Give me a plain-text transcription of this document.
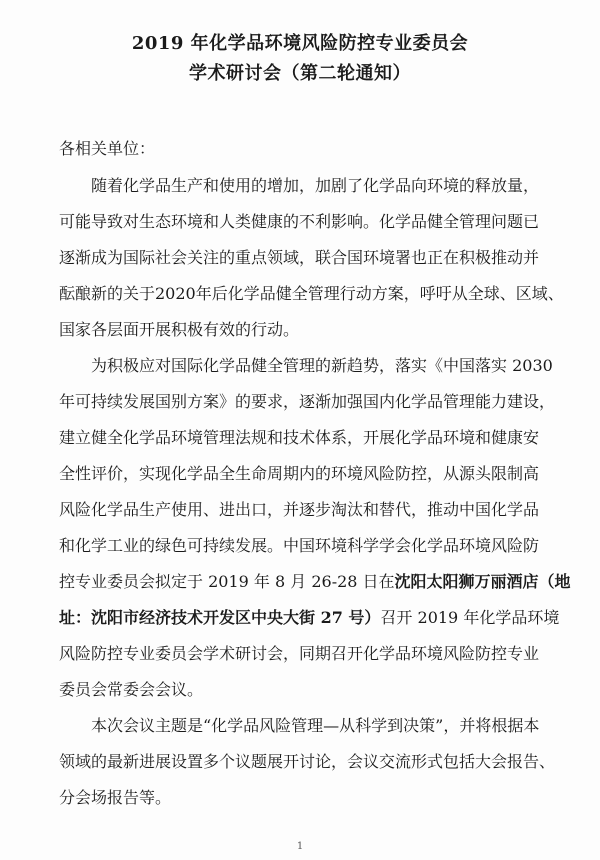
2019 年化学品环境风险防控专业委员会
学术研讨会（第二轮通知）
各相关单位：
随着化学品生产和使用的增加，加剧了化学品向环境的释放量，
可能导致对生态环境和人类健康的不利影响。化学品健全管理问题已
逐渐成为国际社会关注的重点领域，联合国环境署也正在积极推动并
酝酿新的关于2020年后化学品健全管理行动方案，呼吁从全球、区域、
国家各层面开展积极有效的行动。
为积极应对国际化学品健全管理的新趋势，落实《中国落实 2030
年可持续发展国别方案》的要求，逐渐加强国内化学品管理能力建设，
建立健全化学品环境管理法规和技术体系，开展化学品环境和健康安
全性评价，实现化学品全生命周期内的环境风险防控，从源头限制高
风险化学品生产使用、进出口，并逐步淘汰和替代，推动中国化学品
和化学工业的绿色可持续发展。中国环境科学学会化学品环境风险防
控专业委员会拟定于 2019 年 8 月 26-28 日在沈阳太阳狮万丽酒店（地
址：沈阳市经济技术开发区中央大街 27 号）召开 2019 年化学品环境
风险防控专业委员会学术研讨会，同期召开化学品环境风险防控专业
委员会常委会会议。
本次会议主题是“化学品风险管理—从科学到决策”，并将根据本
领域的最新进展设置多个议题展开讨论，会议交流形式包括大会报告、
分会场报告等。
1
